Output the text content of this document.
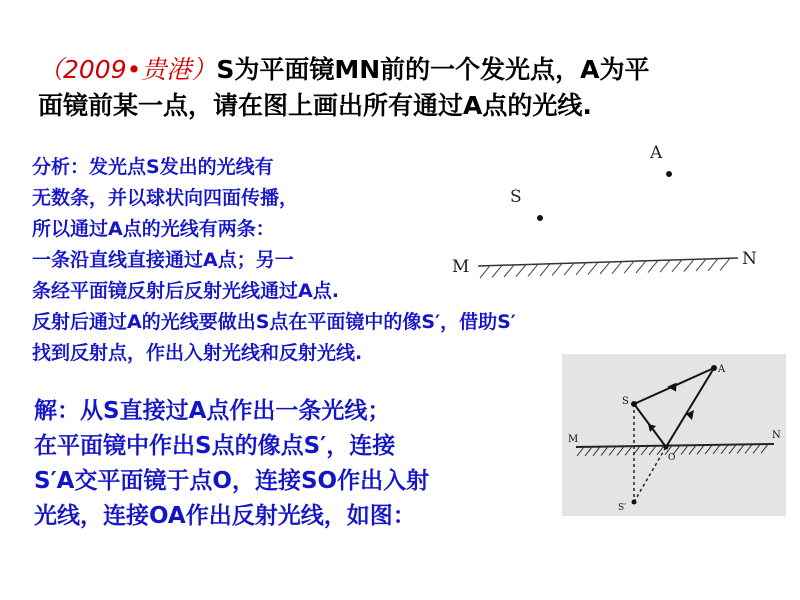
（2009•贵港）S为平面镜MN前的一个发光点，A为平
面镜前某一点，请在图上画出所有通过A点的光线.
分析：发光点S发出的光线有
无数条，并以球状向四面传播，
所以通过A点的光线有两条：
一条沿直线直接通过A点；另一
条经平面镜反射后反射光线通过A点.
反射后通过A的光线要做出S点在平面镜中的像S′，借助S′
找到反射点，作出入射光线和反射光线.
A
S
M	N
解：从S直接过A点作出一条光线；
在平面镜中作出S点的像点S′，连接
S′A交平面镜于点O，连接SO作出入射
光线，连接OA作出反射光线，如图：
M	N
S
A
O
S′
